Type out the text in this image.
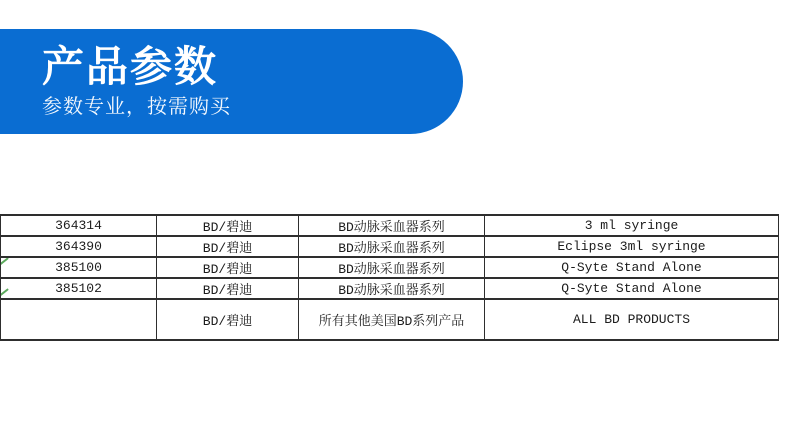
产品参数
参数专业，按需购买
364314	BD/碧迪	BD动脉采血器系列	3 ml syringe
364390	BD/碧迪	BD动脉采血器系列	Eclipse 3ml syringe
385100	BD/碧迪	BD动脉采血器系列	Q-Syte Stand Alone
385102	BD/碧迪	BD动脉采血器系列	Q-Syte Stand Alone
	BD/碧迪	所有其他美国BD系列产品	ALL BD PRODUCTS
